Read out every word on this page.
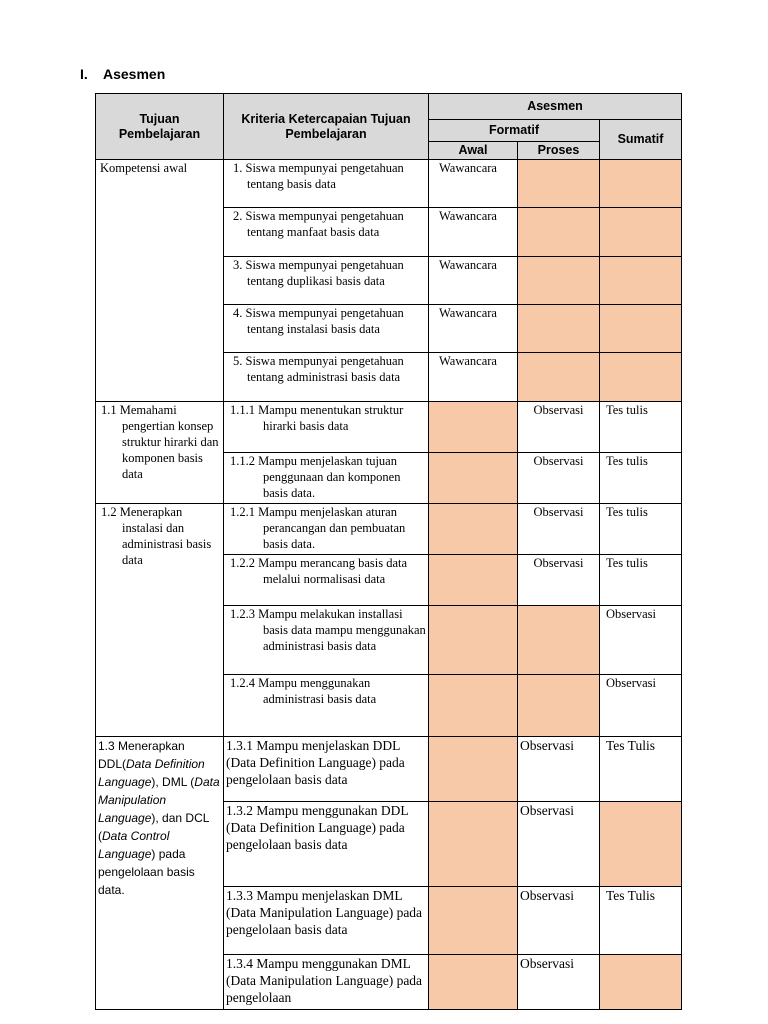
I. Asesmen
Tujuan Pembelajaran	Kriteria Ketercapaian Tujuan Pembelajaran	Asesmen		
		Formatif		Sumatif
		Awal	Proses	
Kompetensi awal	1. Siswa mempunyai pengetahuan tentang basis data	Wawancara		

	2. Siswa mempunyai pengetahuan tentang manfaat basis data	Wawancara		

	3. Siswa mempunyai pengetahuan tentang duplikasi basis data	Wawancara		

	4. Siswa mempunyai pengetahuan tentang instalasi basis data	Wawancara		

	5. Siswa mempunyai pengetahuan tentang administrasi basis data	Wawancara		

1.1 Memahami pengertian konsep struktur hirarki dan komponen basis data	1.1.1 Mampu menentukan struktur hirarki basis data		Observasi	Tes tulis

	1.1.2 Mampu menjelaskan tujuan penggunaan dan komponen basis data.		Observasi	Tes tulis

1.2 Menerapkan instalasi dan administrasi basis data	1.2.1 Mampu menjelaskan aturan perancangan dan pembuatan basis data.		Observasi	Tes tulis

	1.2.2 Mampu merancang basis data melalui normalisasi data		Observasi	Tes tulis

	1.2.3 Mampu melakukan installasi basis data mampu menggunakan administrasi basis data			Observasi

	1.2.4 Mampu menggunakan administrasi basis data			Observasi
1.3 Menerapkan DDL(Data Definition Language), DML (Data Manipulation Language), dan DCL (Data Control Language) pada pengelolaan basis data.	1.3.1 Mampu menjelaskan DDL (Data Definition Language) pada pengelolaan basis data		Observasi	Tes Tulis
	1.3.2 Mampu menggunakan DDL (Data Definition Language) pada pengelolaan basis data		Observasi	
	1.3.3 Mampu menjelaskan DML (Data Manipulation Language) pada pengelolaan basis data		Observasi	Tes Tulis
	1.3.4 Mampu menggunakan DML (Data Manipulation Language) pada pengelolaan		Observasi	
